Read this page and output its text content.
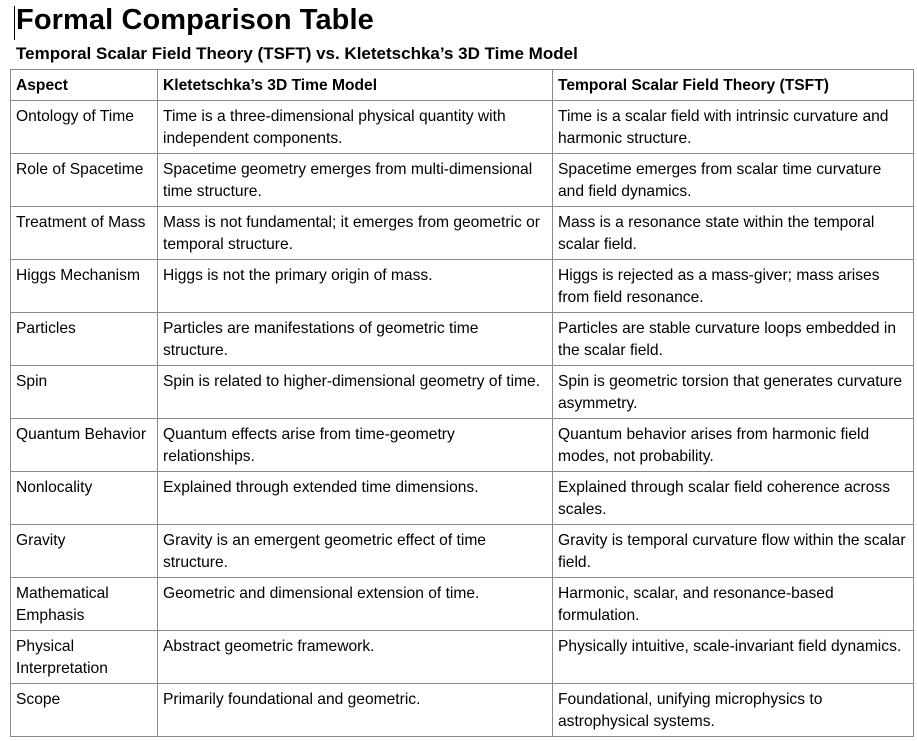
Formal Comparison Table
Temporal Scalar Field Theory (TSFT) vs. Kletetschka’s 3D Time Model
Aspect	Kletetschka’s 3D Time Model	Temporal Scalar Field Theory (TSFT)
Ontology of Time	Time is a three-dimensional physical quantity with independent components.	Time is a scalar field with intrinsic curvature and harmonic structure.
Role of Spacetime	Spacetime geometry emerges from multi-dimensional time structure.	Spacetime emerges from scalar time curvature and field dynamics.
Treatment of Mass	Mass is not fundamental; it emerges from geometric or temporal structure.	Mass is a resonance state within the temporal scalar field.
Higgs Mechanism	Higgs is not the primary origin of mass.	Higgs is rejected as a mass-giver; mass arises from field resonance.
Particles	Particles are manifestations of geometric time structure.	Particles are stable curvature loops embedded in the scalar field.
Spin	Spin is related to higher-dimensional geometry of time.	Spin is geometric torsion that generates curvature asymmetry.
Quantum Behavior	Quantum effects arise from time-geometry relationships.	Quantum behavior arises from harmonic field modes, not probability.
Nonlocality	Explained through extended time dimensions.	Explained through scalar field coherence across scales.
Gravity	Gravity is an emergent geometric effect of time structure.	Gravity is temporal curvature flow within the scalar field.
Mathematical Emphasis	Geometric and dimensional extension of time.	Harmonic, scalar, and resonance-based formulation.
Physical Interpretation	Abstract geometric framework.	Physically intuitive, scale-invariant field dynamics.
Scope	Primarily foundational and geometric.	Foundational, unifying microphysics to astrophysical systems.
